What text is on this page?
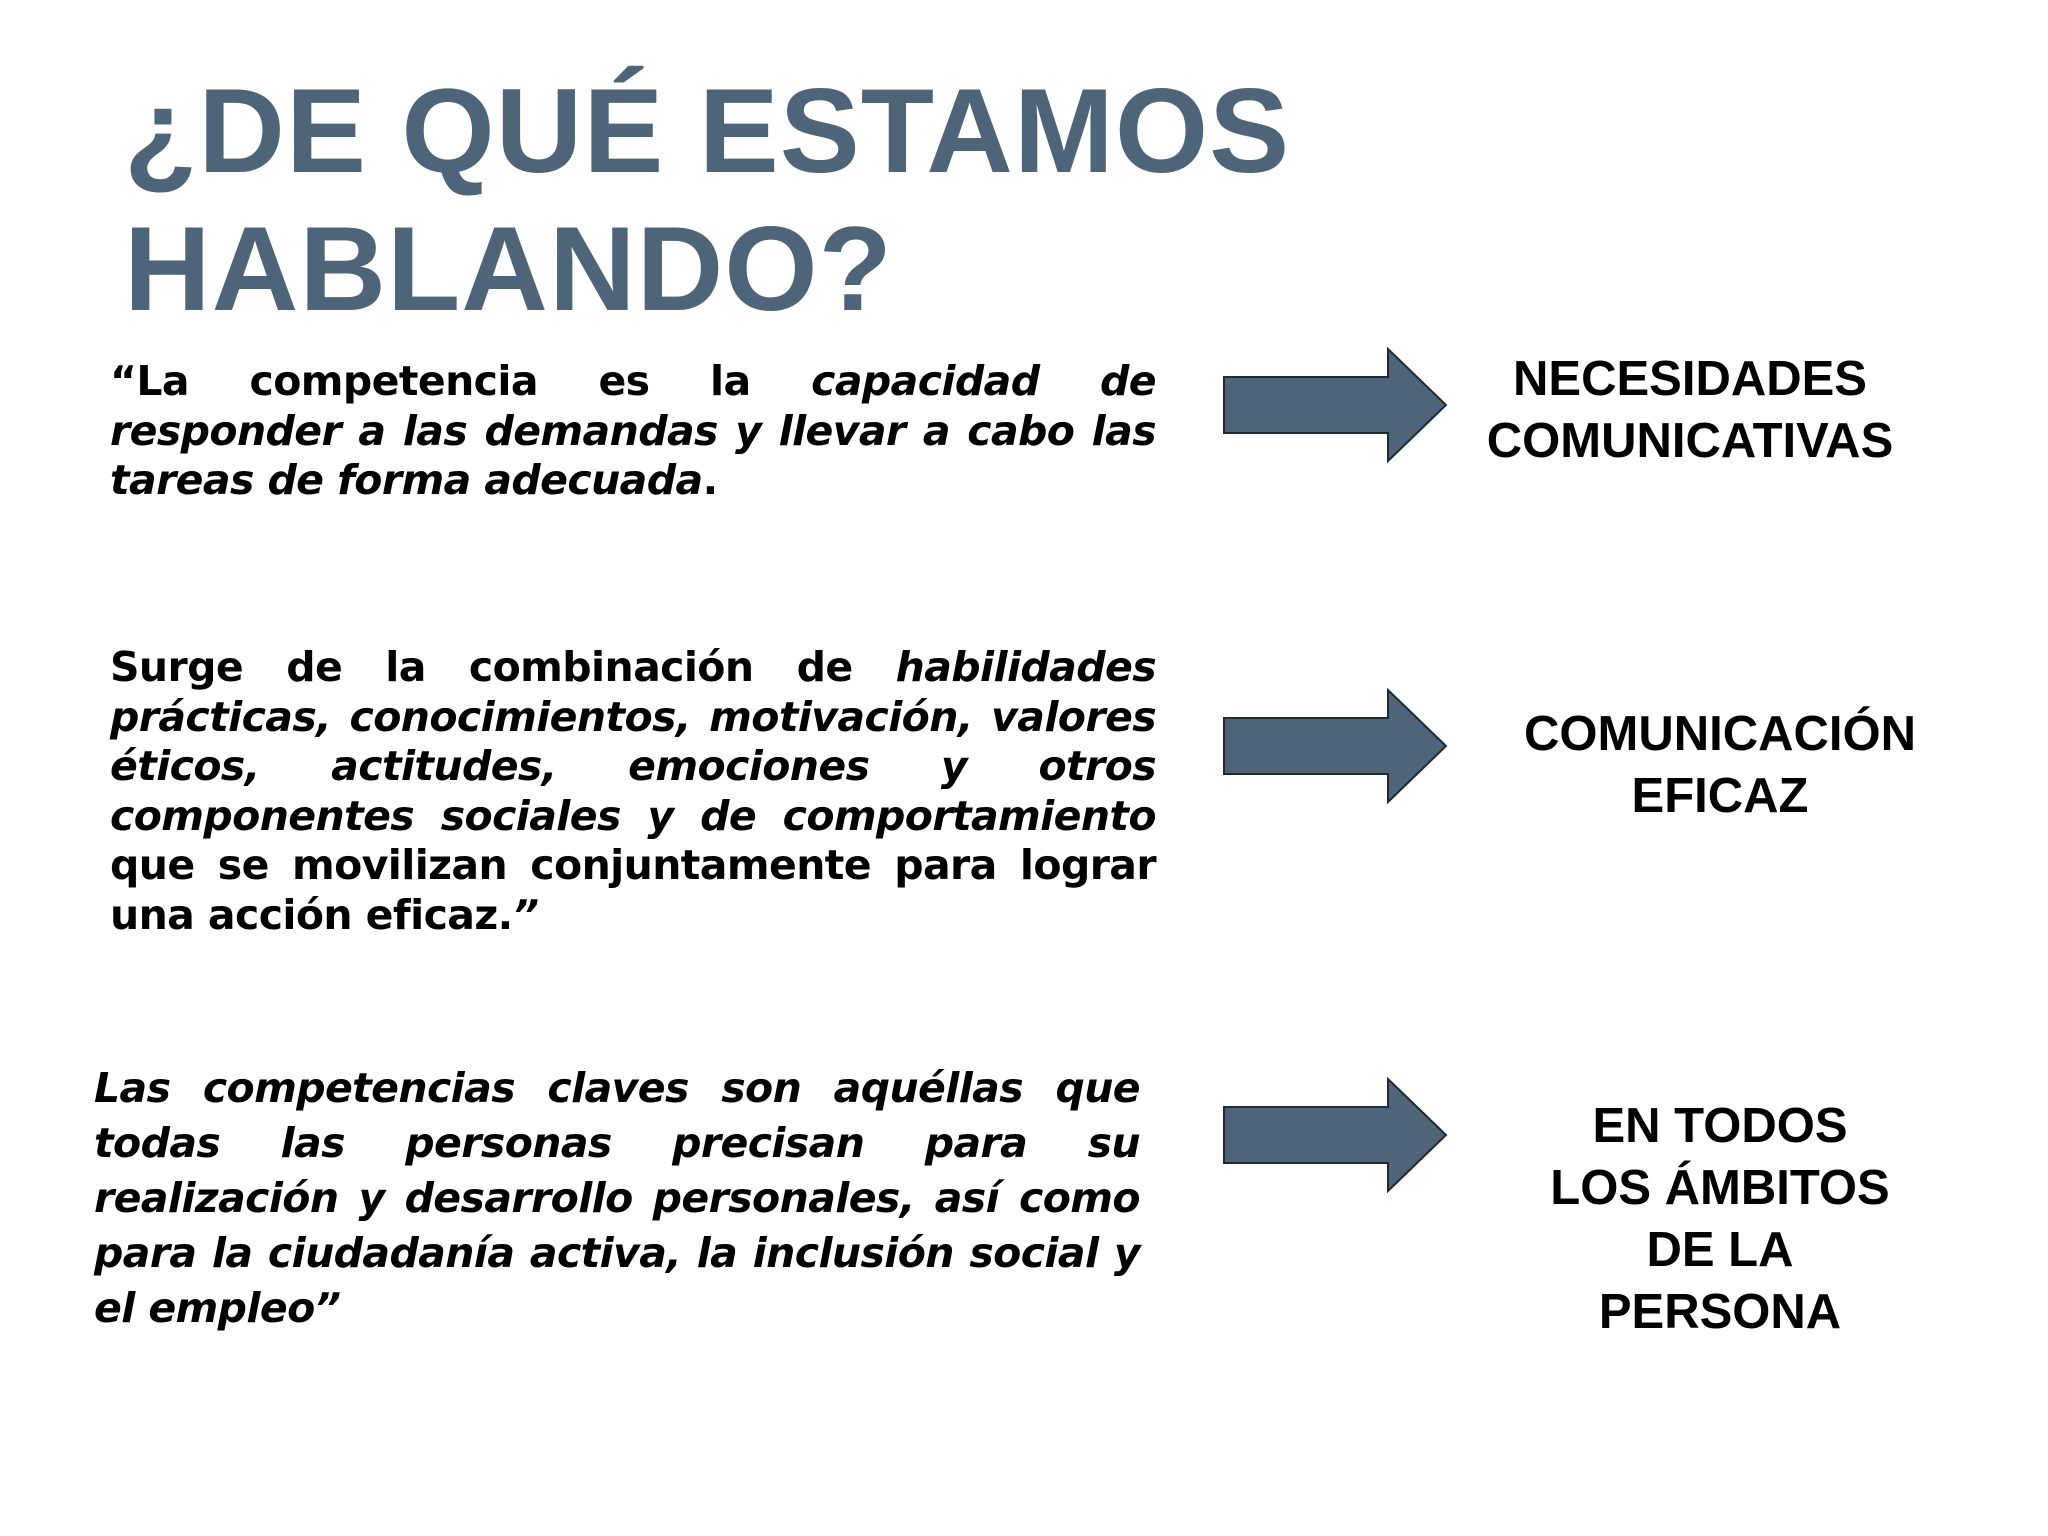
¿DE QUÉ ESTAMOS
HABLANDO?

“La competencia es la capacidad de responder a las demandas y llevar a cabo las tareas de forma adecuada.

Surge de la combinación de habilidades prácticas, conocimientos, motivación, valores éticos, actitudes, emociones y otros componentes sociales y de comportamiento que se movilizan conjuntamente para lograr una acción eficaz.”

Las competencias claves son aquéllas que todas las personas precisan para su realización y desarrollo personales, así como para la ciudadanía activa, la inclusión social y el empleo”

NECESIDADES
COMUNICATIVAS
COMUNICACIÓN
EFICAZ
EN TODOS
LOS ÁMBITOS
DE LA
PERSONA
